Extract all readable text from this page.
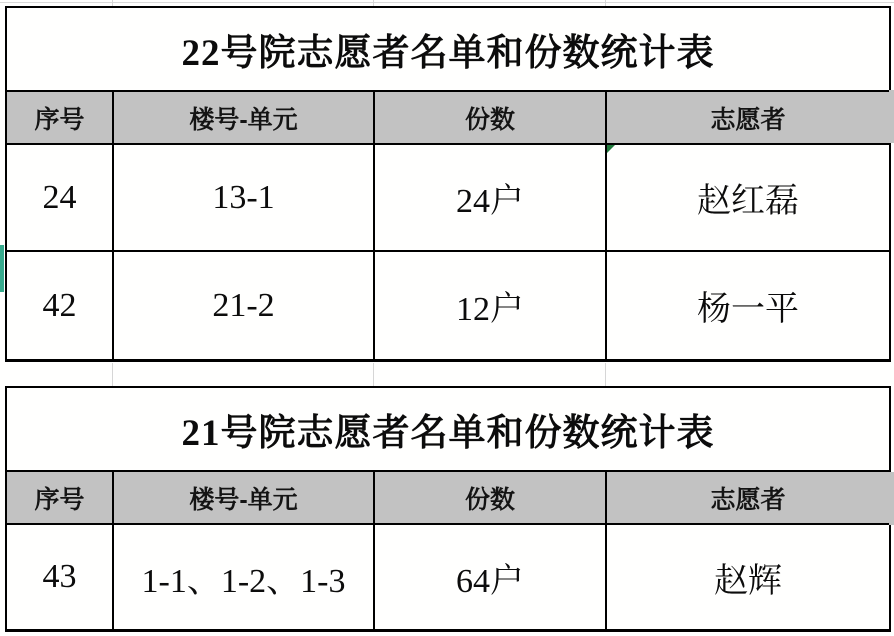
22号院志愿者名单和份数统计表
序号	楼号-单元	份数	志愿者
24	13-1	24户	赵红磊
42	21-2	12户	杨一平
21号院志愿者名单和份数统计表
序号	楼号-单元	份数	志愿者
43	1-1、1-2、1-3	64户	赵辉
